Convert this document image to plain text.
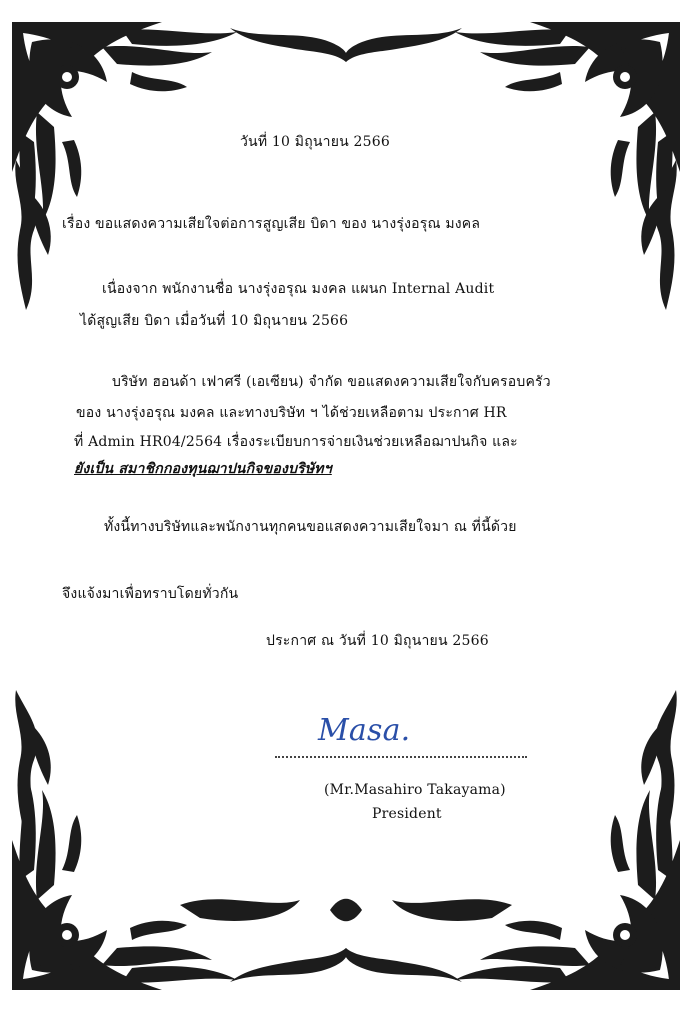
วันที่ 10 มิถุนายน 2566
เรื่อง ขอแสดงความเสียใจต่อการสูญเสีย บิดา ของ นางรุ่งอรุณ มงคล
เนื่องจาก พนักงานชื่อ นางรุ่งอรุณ มงคล แผนก Internal Audit
ได้สูญเสีย บิดา เมื่อวันที่ 10 มิถุนายน 2566
บริษัท ฮอนด้า เฟาศรี (เอเซียน) จำกัด ขอแสดงความเสียใจกับครอบครัว
ของ นางรุ่งอรุณ มงคล และทางบริษัท ฯ ได้ช่วยเหลือตาม ประกาศ HR
ที่ Admin HR04/2564 เรื่องระเบียบการจ่ายเงินช่วยเหลือฌาปนกิจ และ
ยังเป็น สมาชิกกองทุนฌาปนกิจของบริษัทฯ
ทั้งนี้ทางบริษัทและพนักงานทุกคนขอแสดงความเสียใจมา ณ ที่นี้ด้วย
จึงแจ้งมาเพื่อทราบโดยทั่วกัน
ประกาศ ณ วันที่ 10 มิถุนายน 2566
Masa.
(Mr.Masahiro Takayama)
President
